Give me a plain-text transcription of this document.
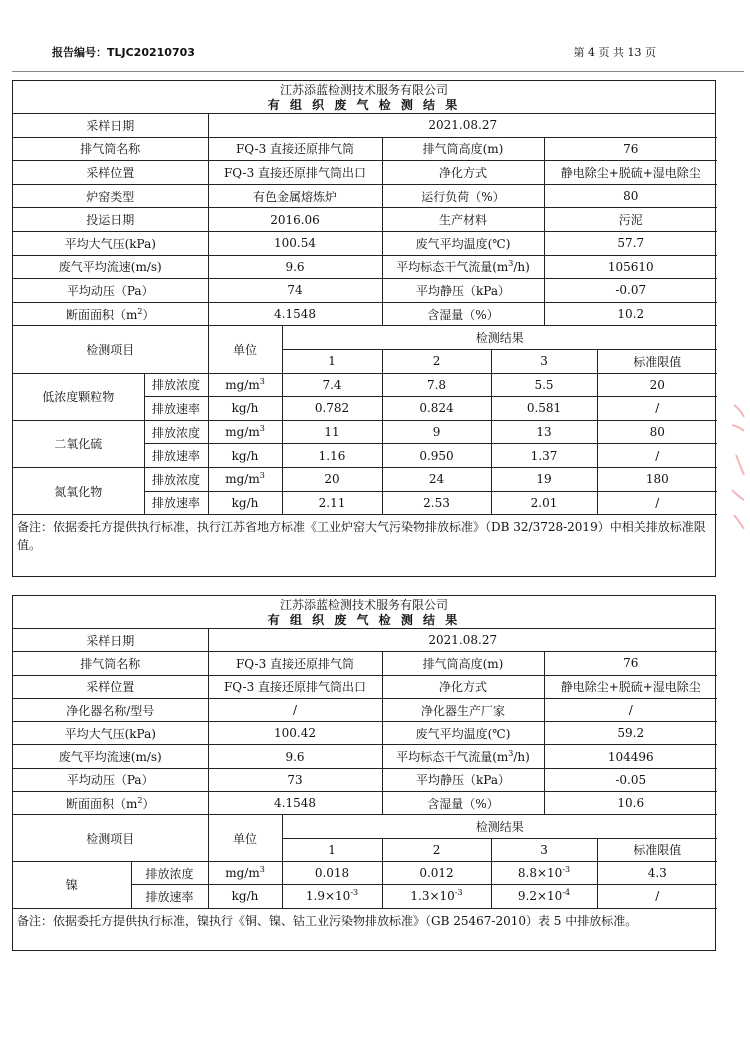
报告编号：TLJC20210703	第 4 页 共 13 页
江苏添蓝检测技术服务有限公司
有 组 织 废 气 检 测 结 果
采样日期	2021.08.27		
排气筒名称	FQ-3 直接还原排气筒	排气筒高度(m)	76
采样位置	FQ-3 直接还原排气筒出口	净化方式	静电除尘+脱硫+湿电除尘
炉窑类型	有色金属熔炼炉	运行负荷（%）	80
投运日期	2016.06	生产材料	污泥
平均大气压(kPa)	100.54	废气平均温度(℃)	57.7
废气平均流速(m/s)	9.6	平均标态干气流量$(m^3/h)$	105610
平均动压（Pa）	74	平均静压（kPa）	-0.07
断面面积$(m^2)$	4.1548	含湿量（%）	10.2
检测项目		单位	检测结果			
			1	2	3	标准限值
低浓度颗粒物	排放浓度	$mg/m^3$	7.4	7.8	5.5	20
	排放速率	kg/h	0.782	0.824	0.581	/
二氧化硫	排放浓度	$mg/m^3$	11	9	13	80
	排放速率	kg/h	1.16	0.950	1.37	/
氮氧化物	排放浓度	$mg/m^3$	20	24	19	180
	排放速率	kg/h	2.11	2.53	2.01	/
备注：依据委托方提供执行标准，执行江苏省地方标准《工业炉窑大气污染物排放标准》（DB 32/3728-2019）中相关排放标准限值。
江苏添蓝检测技术服务有限公司
有 组 织 废 气 检 测 结 果
采样日期	2021.08.27		
排气筒名称	FQ-3 直接还原排气筒	排气筒高度(m)	76
采样位置	FQ-3 直接还原排气筒出口	净化方式	静电除尘+脱硫+湿电除尘
净化器名称/型号	/	净化器生产厂家	/
平均大气压(kPa)	100.42	废气平均温度(℃)	59.2
废气平均流速(m/s)	9.6	平均标态干气流量$(m^3/h)$	104496
平均动压（Pa）	73	平均静压（kPa）	-0.05
断面面积$(m^2)$	4.1548	含湿量（%）	10.6
检测项目		单位	检测结果			
			1	2	3	标准限值
镍	排放浓度	$mg/m^3$	0.018	0.012	$8.8\times 10^{-3}$	4.3
	排放速率	kg/h	$1.9\times 10^{-3}$	$1.3\times 10^{-3}$	$9.2\times 10^{-4}$	/
备注：依据委托方提供执行标准，镍执行《铜、镍、钴工业污染物排放标准》（GB 25467-2010）表 5 中排放标准。
